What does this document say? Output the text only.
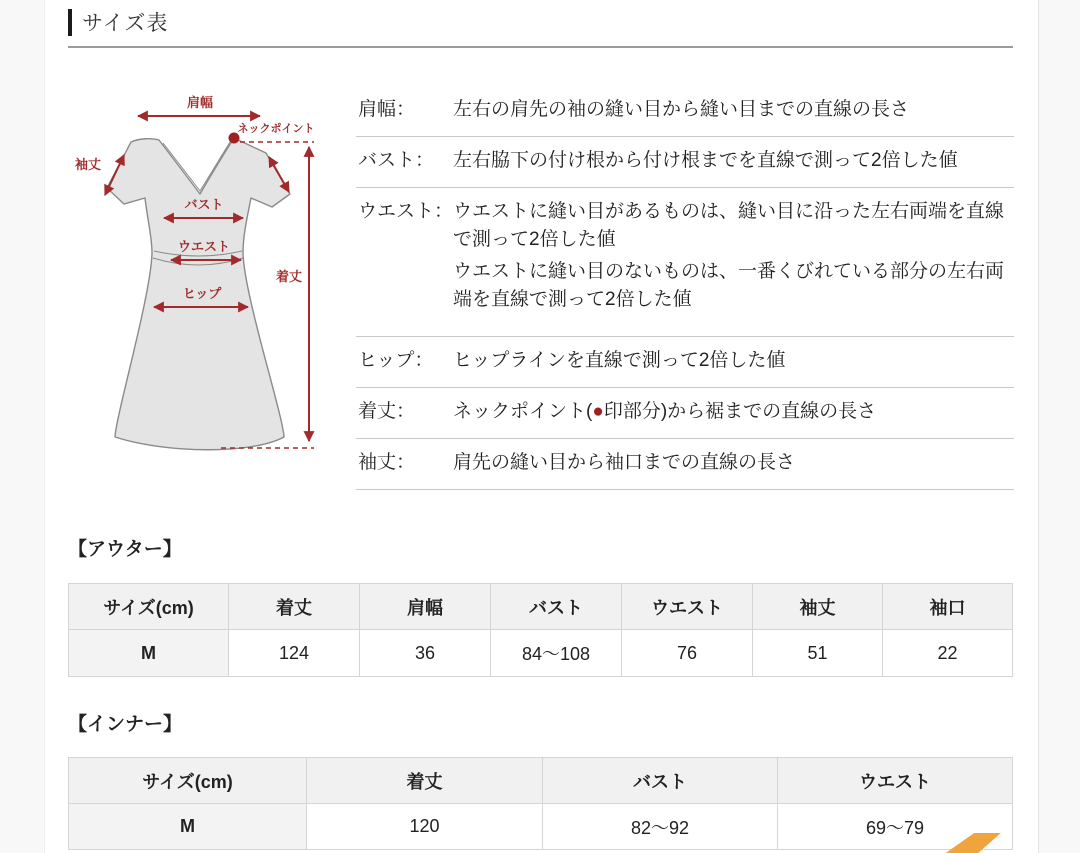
サイズ表
肩幅
ネックポイント
袖丈
バスト
ウエスト
ヒップ
着丈
肩幅：	左右の肩先の袖の縫い目から縫い目までの直線の長さ
バスト： 左右脇下の付け根から付け根までを直線で測って2倍した値
ウエスト： ウエストに縫い目があるものは、縫い目に沿った左右両端を直線で測って2倍した値
ウエストに縫い目のないものは、一番くびれている部分の左右両端を直線で測って2倍した値
ヒップ：	ヒップラインを直線で測って2倍した値
着丈：	ネックポイント(●印部分)から裾までの直線の長さ
袖丈：	肩先の縫い目から袖口までの直線の長さ
【アウター】
サイズ(cm)	着丈	肩幅	バスト	ウエスト	袖丈	袖口
M	124	36	84〜108	76	51	22
【インナー】
サイズ(cm)	着丈	バスト	ウエスト
M	120	82〜92	69〜79
